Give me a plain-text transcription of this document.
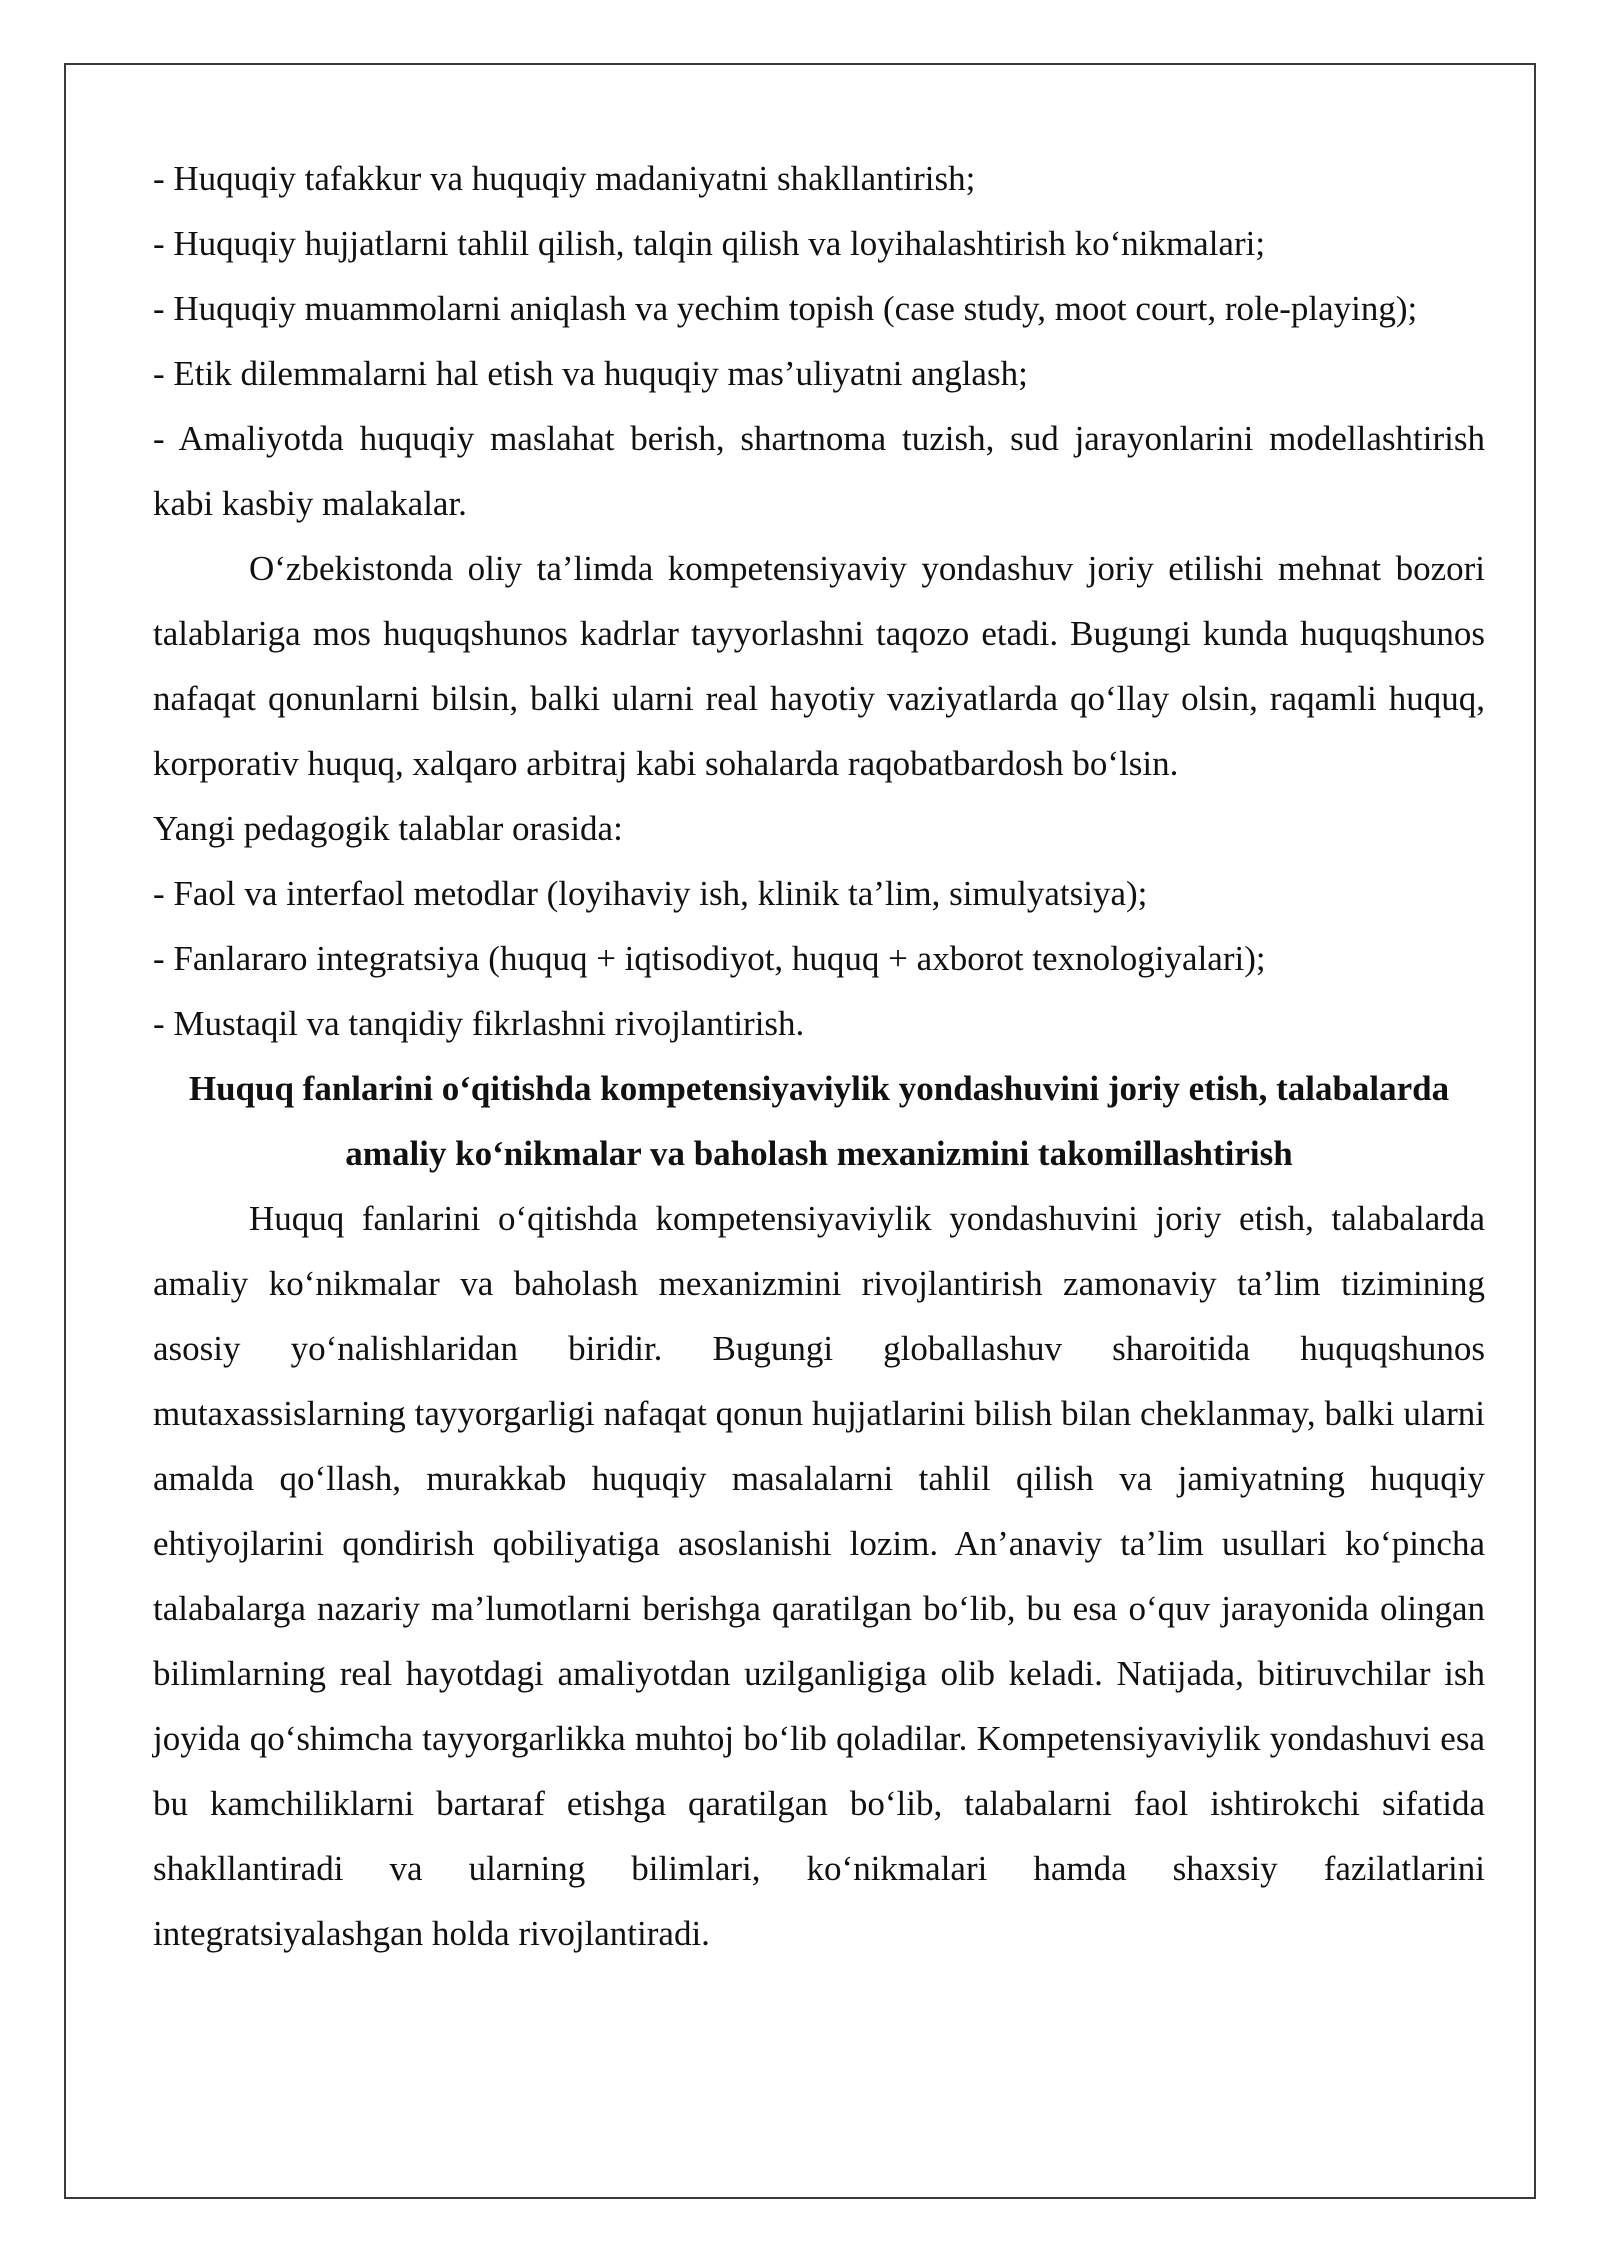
- Huquqiy tafakkur va huquqiy madaniyatni shakllantirish;

- Huquqiy hujjatlarni tahlil qilish, talqin qilish va loyihalashtirish ko‘nikmalari;

- Huquqiy muammolarni aniqlash va yechim topish (case study, moot court, role-playing);

- Etik dilemmalarni hal etish va huquqiy mas’uliyatni anglash;

- Amaliyotda huquqiy maslahat berish, shartnoma tuzish, sud jarayonlarini modellashtirish kabi kasbiy malakalar.

O‘zbekistonda oliy ta’limda kompetensiyaviy yondashuv joriy etilishi mehnat bozori talablariga mos huquqshunos kadrlar tayyorlashni taqozo etadi. Bugungi kunda huquqshunos nafaqat qonunlarni bilsin, balki ularni real hayotiy vaziyatlarda qo‘llay olsin, raqamli huquq, korporativ huquq, xalqaro arbitraj kabi sohalarda raqobatbardosh bo‘lsin.

Yangi pedagogik talablar orasida:

- Faol va interfaol metodlar (loyihaviy ish, klinik ta’lim, simulyatsiya);

- Fanlararo integratsiya (huquq + iqtisodiyot, huquq + axborot texnologiyalari);

- Mustaqil va tanqidiy fikrlashni rivojlantirish.

Huquq fanlarini o‘qitishda kompetensiyaviylik yondashuvini joriy etish, talabalarda amaliy ko‘nikmalar va baholash mexanizmini takomillashtirish

Huquq fanlarini o‘qitishda kompetensiyaviylik yondashuvini joriy etish, talabalarda amaliy ko‘nikmalar va baholash mexanizmini rivojlantirish zamonaviy ta’lim tizimining asosiy yo‘nalishlaridan biridir. Bugungi globallashuv sharoitida huquqshunos mutaxassislarning tayyorgarligi nafaqat qonun hujjatlarini bilish bilan cheklanmay, balki ularni amalda qo‘llash, murakkab huquqiy masalalarni tahlil qilish va jamiyatning huquqiy ehtiyojlarini qondirish qobiliyatiga asoslanishi lozim. An’anaviy ta’lim usullari ko‘pincha talabalarga nazariy ma’lumotlarni berishga qaratilgan bo‘lib, bu esa o‘quv jarayonida olingan bilimlarning real hayotdagi amaliyotdan uzilganligiga olib keladi. Natijada, bitiruvchilar ish joyida qo‘shimcha tayyorgarlikka muhtoj bo‘lib qoladilar. Kompetensiyaviylik yondashuvi esa bu kamchiliklarni bartaraf etishga qaratilgan bo‘lib, talabalarni faol ishtirokchi sifatida shakllantiradi va ularning bilimlari, ko‘nikmalari hamda shaxsiy fazilatlarini integratsiyalashgan holda rivojlantiradi.
